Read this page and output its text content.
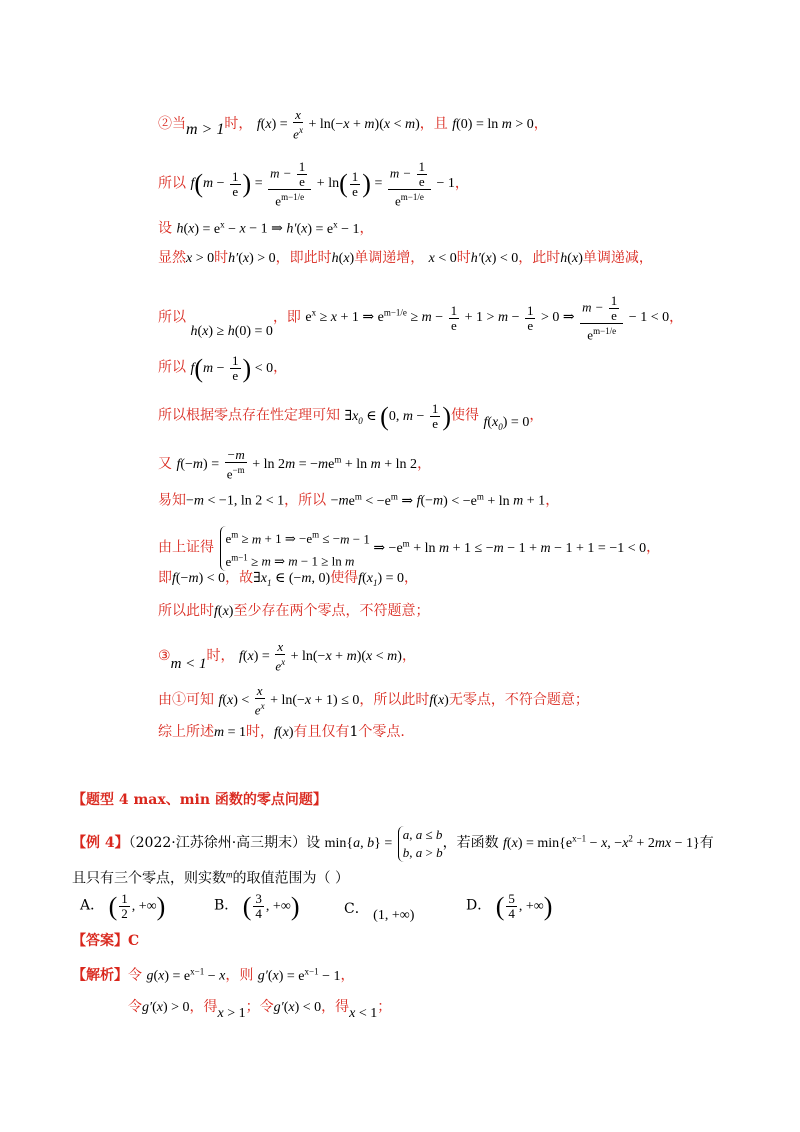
②当m > 1时， $f(x) = \frac{x}{e^x} + \ln(-x + m)(x < m)$，且 f(0) = ln m > 0，
所以 $f(m - \frac{1}{e}$ ) = $\frac{m - \frac{1}{e}}{e^{m-1/e}} + \ln( \frac{1}{e}$ ) = $\frac{m - \frac{1}{e}}{e^{m-1/e}} - 1$，
设 $h(x) = e^x - x - 1$ ⇒ $h'(x) = e^x - 1$，
显然x > 0时h′(x) > 0，即此时h(x)单调递增， x < 0时h′(x) < 0，此时h(x)单调递减，
所以 h(x) ≥ h(0) = 0，即 $e^x \ge x + 1$ ⇒ $e^{m-1/e} \ge m - \frac{1}{e} + 1 > m - \frac{1}{e} > 0$ ⇒ $\frac{m - \frac{1}{e}}{e^{m-1/e}} - 1 < 0$，
所以 $f(m - \frac{1}{e}$ ) < 0，
所以根据零点存在性定理可知 $\exists x_0$ ∈ (0, $m - \frac{1}{e}$ )使得 $f(x_0) = 0$，
又 $f(-m) = \frac{-m}{e^{-m}} + \ln 2m = -me^m + \ln m + \ln 2$，
易知−m < −1, ln 2 < 1，所以 $-me^m < -e^m$ ⇒ $f(-m) < -e^m + \ln m + 1$，
由上证得
$e^m \ge m + 1$ ⇒ $-e^m \le -m - 1$
$e^{m-1} \ge m$ ⇒ m − 1 ≥ ln m
⇒ $-e^m + \ln m + 1 \le -m - 1 + m - 1 + 1 = -1 < 0$，
即f(−m) < 0，故$\exists x_1$ ∈ (−m, 0)使得$f(x_1) = 0$，
所以此时f(x)至少存在两个零点，不符题意；
③m < 1时， $f(x) = \frac{x}{e^x} + \ln(-x + m)(x < m)$，
由①可知 $f(x) < \frac{x}{e^x} + \ln(-x + 1) \le 0$，所以此时f(x)无零点，不符合题意；
综上所述m = 1时，f(x)有且仅有1个零点.
【题型 4 max、min 函数的零点问题】
【例 4】（2022·江苏徐州·高三期末）设 min{a, b} =
a, a ≤ b
b, a > b
，若函数 $f(x) = \min\{e^{x-1} - x$, $-x^2 + 2mx - 1$}有
且只有三个零点，则实数$^m$的取值范围为（ ）
A． ( $\frac{1}{2}$ , +∞)	B． ( $\frac{3}{4}$ , +∞)	C． (1, +∞)
D． ( $\frac{5}{4}$ , +∞)
【答案】C
【解析】令 $g(x) = e^{x-1} - x$，则 $g'(x) = e^{x-1} - 1$，
令g′(x) > 0，得x > 1；令g′(x) < 0，得x < 1；
